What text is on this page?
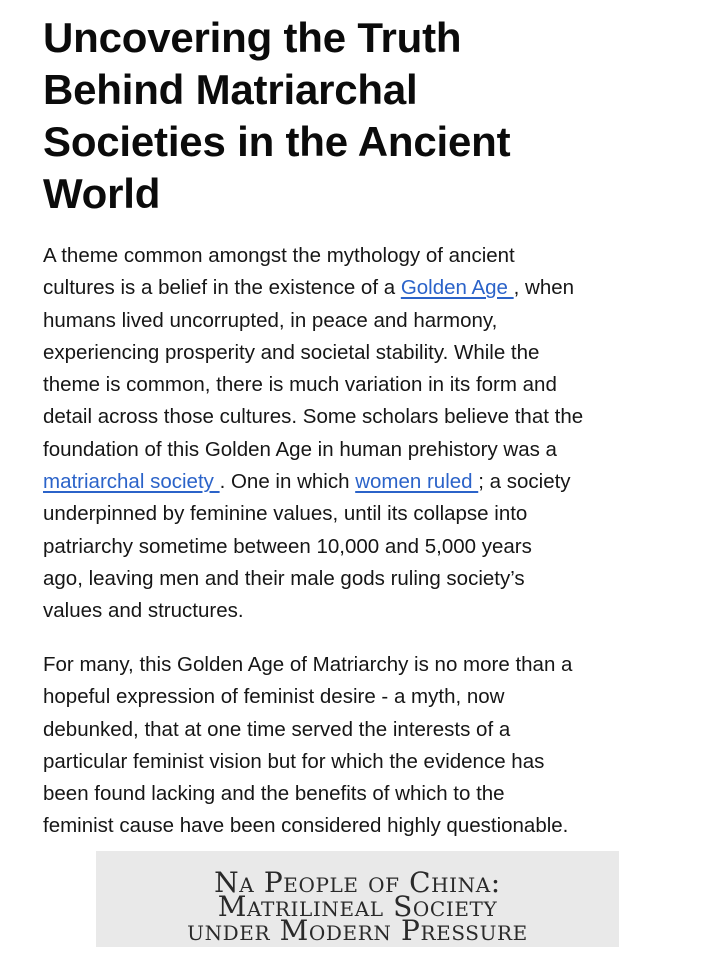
Uncovering the Truth
Behind Matriarchal
Societies in the Ancient
World

A theme common amongst the mythology of ancient
cultures is a belief in the existence of a Golden Age , when
humans lived uncorrupted, in peace and harmony,
experiencing prosperity and societal stability. While the
theme is common, there is much variation in its form and
detail across those cultures. Some scholars believe that the
foundation of this Golden Age in human prehistory was a
matriarchal society . One in which women ruled ; a society
underpinned by feminine values, until its collapse into
patriarchy sometime between 10,000 and 5,000 years
ago, leaving men and their male gods ruling society’s
values and structures.

For many, this Golden Age of Matriarchy is no more than a
hopeful expression of feminist desire - a myth, now
debunked, that at one time served the interests of a
particular feminist vision but for which the evidence has
been found lacking and the benefits of which to the
feminist cause have been considered highly questionable.

Na People of China:
Matrilineal Society
under Modern Pressure
